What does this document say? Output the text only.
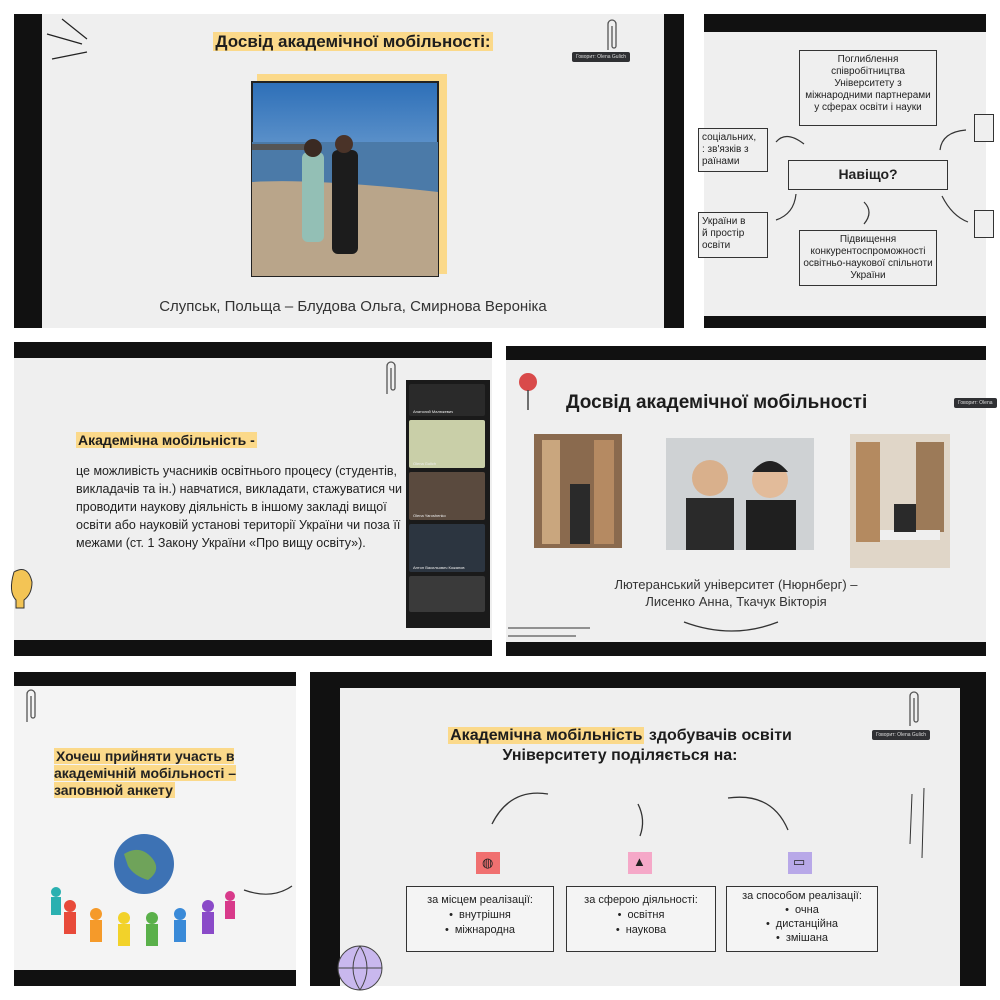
Досвід академічної мобільності:
Слупськ, Польща – Блудова Ольга, Смирнова Вероніка
Говорит: Olena Gulich	Поглиблення співробітництва Університету з міжнародними партнерами у сферах освіти і науки
Навіщо?
Підвищення конкурентоспроможності освітньо-наукової спільноти України
соціальних,
: зв'язків з
раїнами
України в
й простір
освіти
Академічна мобільність -
це можливість учасників освітнього процесу (студентів, викладачів та ін.) навчатися, викладати, стажуватися чи проводити наукову діяльність в іншому закладі вищої освіти або науковій установі території України чи поза її межами (ст. 1 Закону України «Про вищу освіту»).
Анатолий Малюкевич
Olena Gulich
Olena Yaroshenko
Антон Васильович Кожанов
Досвід академічної мобільності
Лютеранський університет (Нюрнберг) –
Лисенко Анна, Ткачук Вікторія
Говорит: Olena
Хочеш прийняти участь в академічній мобільності – заповнюй анкету
Академічна мобільність здобувачів освіти
Університету поділяється на:
◍	▲	▭
за місцем реалізації:
• внутрішня
• міжнародна
за сферою діяльності:
• освітня
• наукова
за способом реалізації:
• очна
• дистанційна
• змішана
Говорит: Olena Gulich
